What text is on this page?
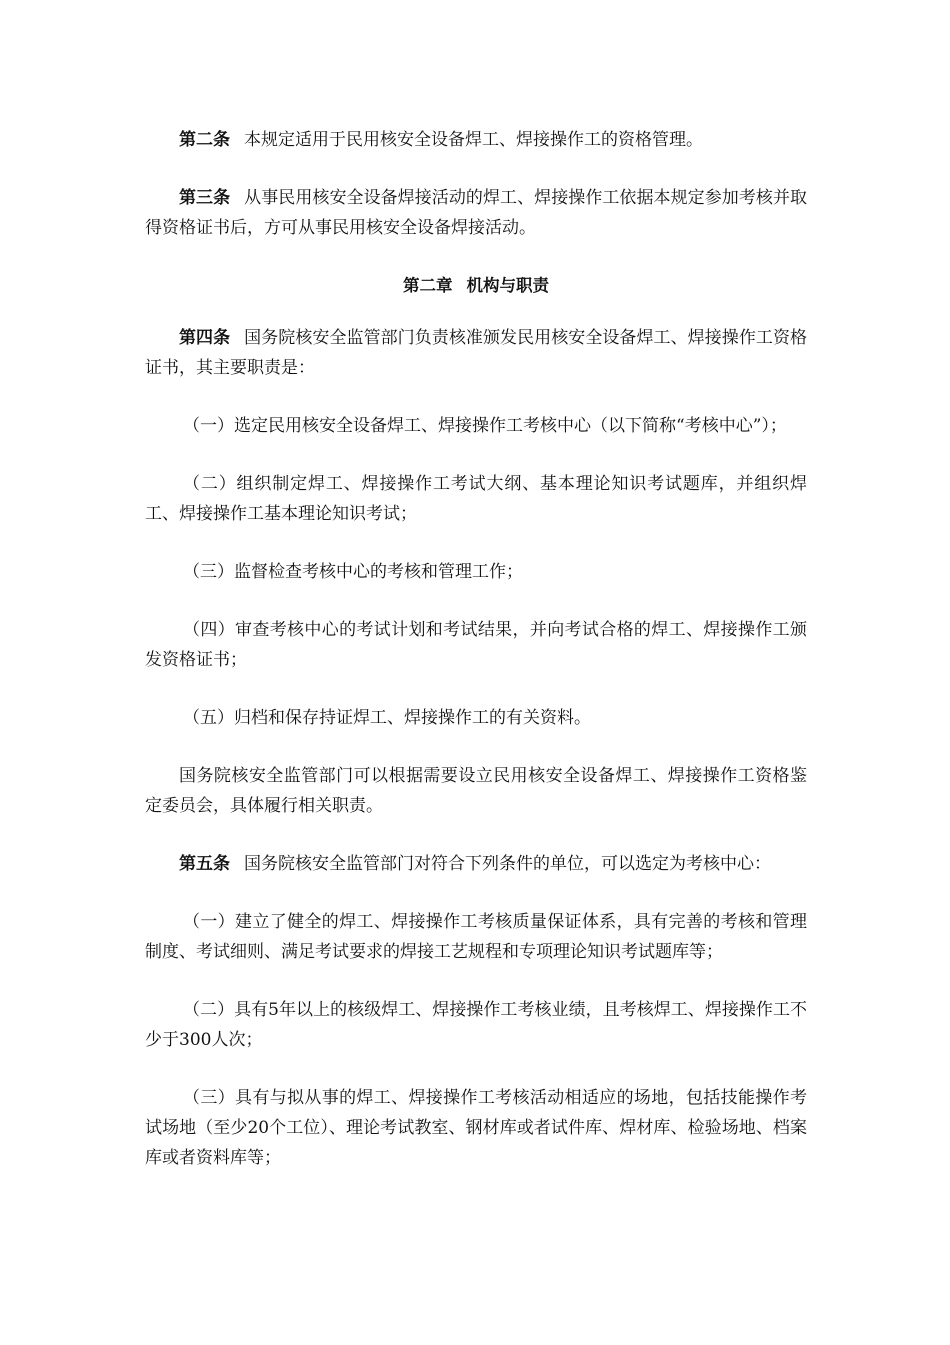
第二条 本规定适用于民用核安全设备焊工、焊接操作工的资格管理。

第三条 从事民用核安全设备焊接活动的焊工、焊接操作工依据本规定参加考核并取得资格证书后，方可从事民用核安全设备焊接活动。

第二章 机构与职责

第四条 国务院核安全监管部门负责核准颁发民用核安全设备焊工、焊接操作工资格证书，其主要职责是：

（一）选定民用核安全设备焊工、焊接操作工考核中心（以下简称“考核中心”）；

（二）组织制定焊工、焊接操作工考试大纲、基本理论知识考试题库，并组织焊工、焊接操作工基本理论知识考试；

（三）监督检查考核中心的考核和管理工作；

（四）审查考核中心的考试计划和考试结果，并向考试合格的焊工、焊接操作工颁发资格证书；

（五）归档和保存持证焊工、焊接操作工的有关资料。

国务院核安全监管部门可以根据需要设立民用核安全设备焊工、焊接操作工资格鉴定委员会，具体履行相关职责。

第五条 国务院核安全监管部门对符合下列条件的单位，可以选定为考核中心：

（一）建立了健全的焊工、焊接操作工考核质量保证体系，具有完善的考核和管理制度、考试细则、满足考试要求的焊接工艺规程和专项理论知识考试题库等；

（二）具有5年以上的核级焊工、焊接操作工考核业绩，且考核焊工、焊接操作工不少于300人次；

（三）具有与拟从事的焊工、焊接操作工考核活动相适应的场地，包括技能操作考试场地（至少20个工位）、理论考试教室、钢材库或者试件库、焊材库、检验场地、档案库或者资料库等；
